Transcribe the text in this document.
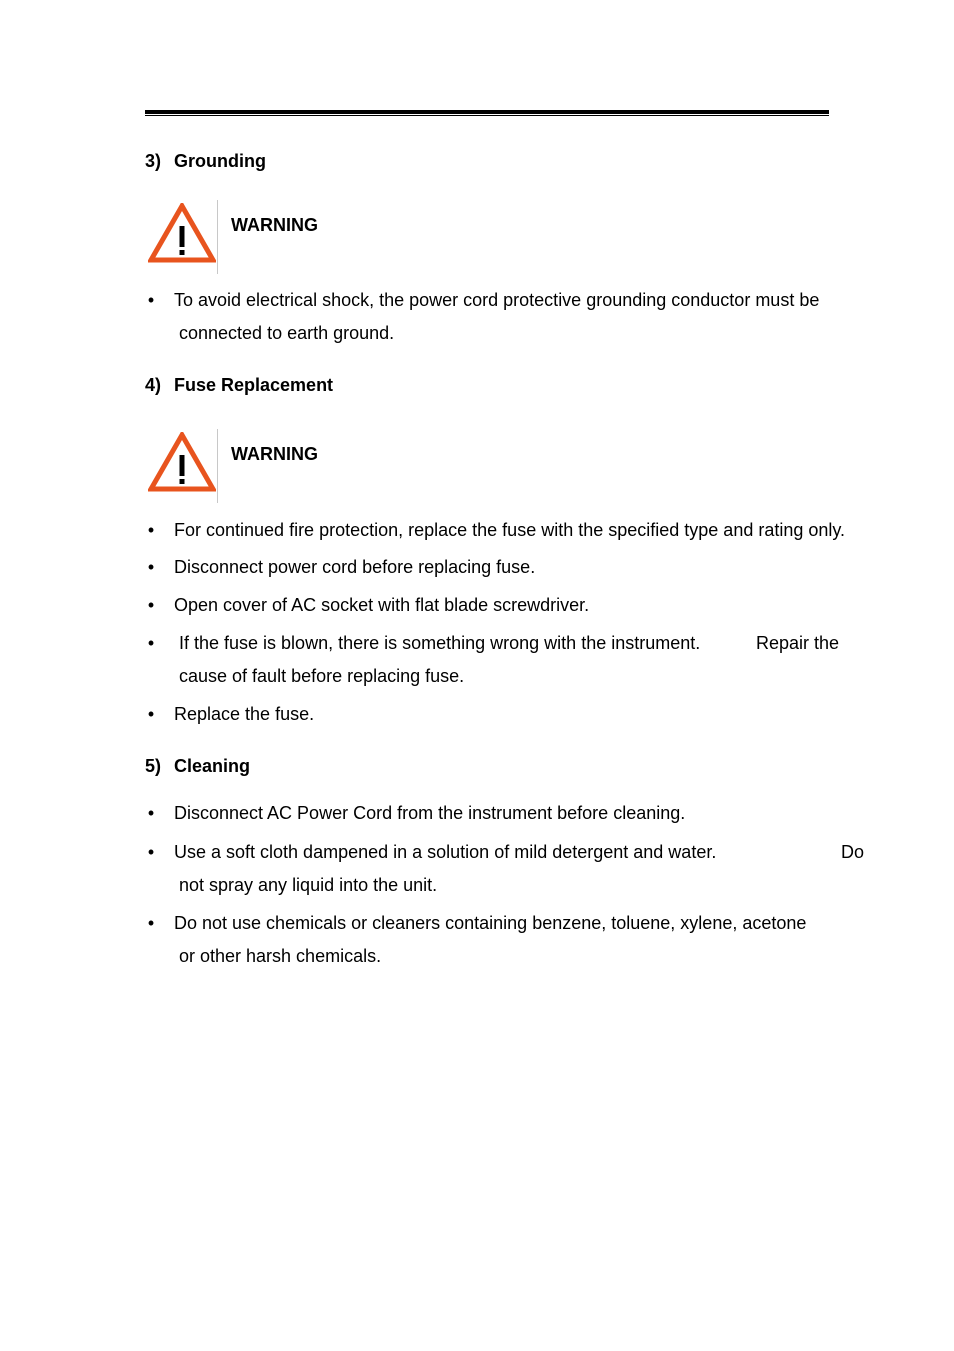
3) Grounding
WARNING
• To avoid electrical shock, the power cord protective grounding conductor must be
connected to earth ground.
4) Fuse Replacement
WARNING
• For continued fire protection, replace the fuse with the specified type and rating only.
• Disconnect power cord before replacing fuse.
• Open cover of AC socket with flat blade screwdriver.
• If the fuse is blown, there is something wrong with the instrument.	Repair the
cause of fault before replacing fuse.
• Replace the fuse.
5) Cleaning
• Disconnect AC Power Cord from the instrument before cleaning.
• Use a soft cloth dampened in a solution of mild detergent and water.	Do
not spray any liquid into the unit.
• Do not use chemicals or cleaners containing benzene, toluene, xylene, acetone
or other harsh chemicals.
